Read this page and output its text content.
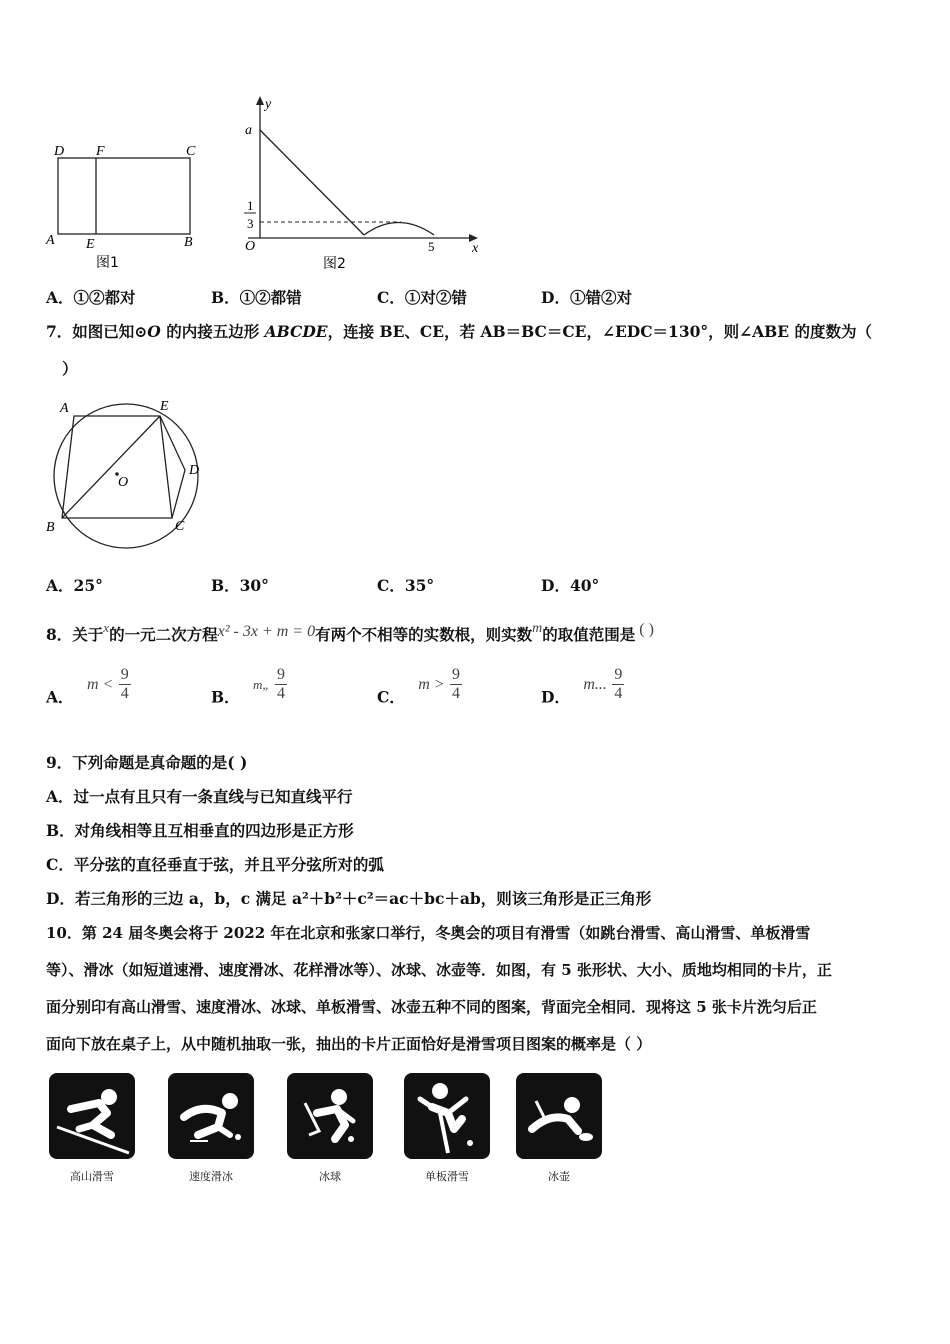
D F	C
A E	B
图1
y
a
1
3
O	5	x
图2
A．①②都对	B．①②都错	C．①对②错	D．①错②对
7．如图已知⊙O 的内接五边形 ABCDE，连接 BE、CE，若 AB＝BC＝CE，∠EDC＝130°，则∠ABE 的度数为（
）
A	E
D
O
B	C
A．25°	B．30°	C．35°	D．40°
8．关于$^x$的一元二次方程x² - 3x + m = 0有两个不相等的实数根，则实数m的取值范围是 ( )
A． $m < \frac{9}{4}$	B． m„ $\frac{9}{4}$	C． $m > \frac{9}{4}$	D． m... $\frac{9}{4}$
9．下列命题是真命题的是( )
A．过一点有且只有一条直线与已知直线平行
B．对角线相等且互相垂直的四边形是正方形
C．平分弦的直径垂直于弦，并且平分弦所对的弧
D．若三角形的三边 a，b，c 满足 a²＋b²＋c²＝ac＋bc＋ab，则该三角形是正三角形
10．第 24 届冬奥会将于 2022 年在北京和张家口举行，冬奥会的项目有滑雪（如跳台滑雪、高山滑雪、单板滑雪
等）、滑冰（如短道速滑、速度滑冰、花样滑冰等）、冰球、冰壶等．如图，有 5 张形状、大小、质地均相同的卡片，正
面分别印有高山滑雪、速度滑冰、冰球、单板滑雪、冰壶五种不同的图案，背面完全相同．现将这 5 张卡片洗匀后正
面向下放在桌子上，从中随机抽取一张，抽出的卡片正面恰好是滑雪项目图案的概率是（ ）
高山滑雪	速度滑冰	冰球	单板滑雪	冰壶
